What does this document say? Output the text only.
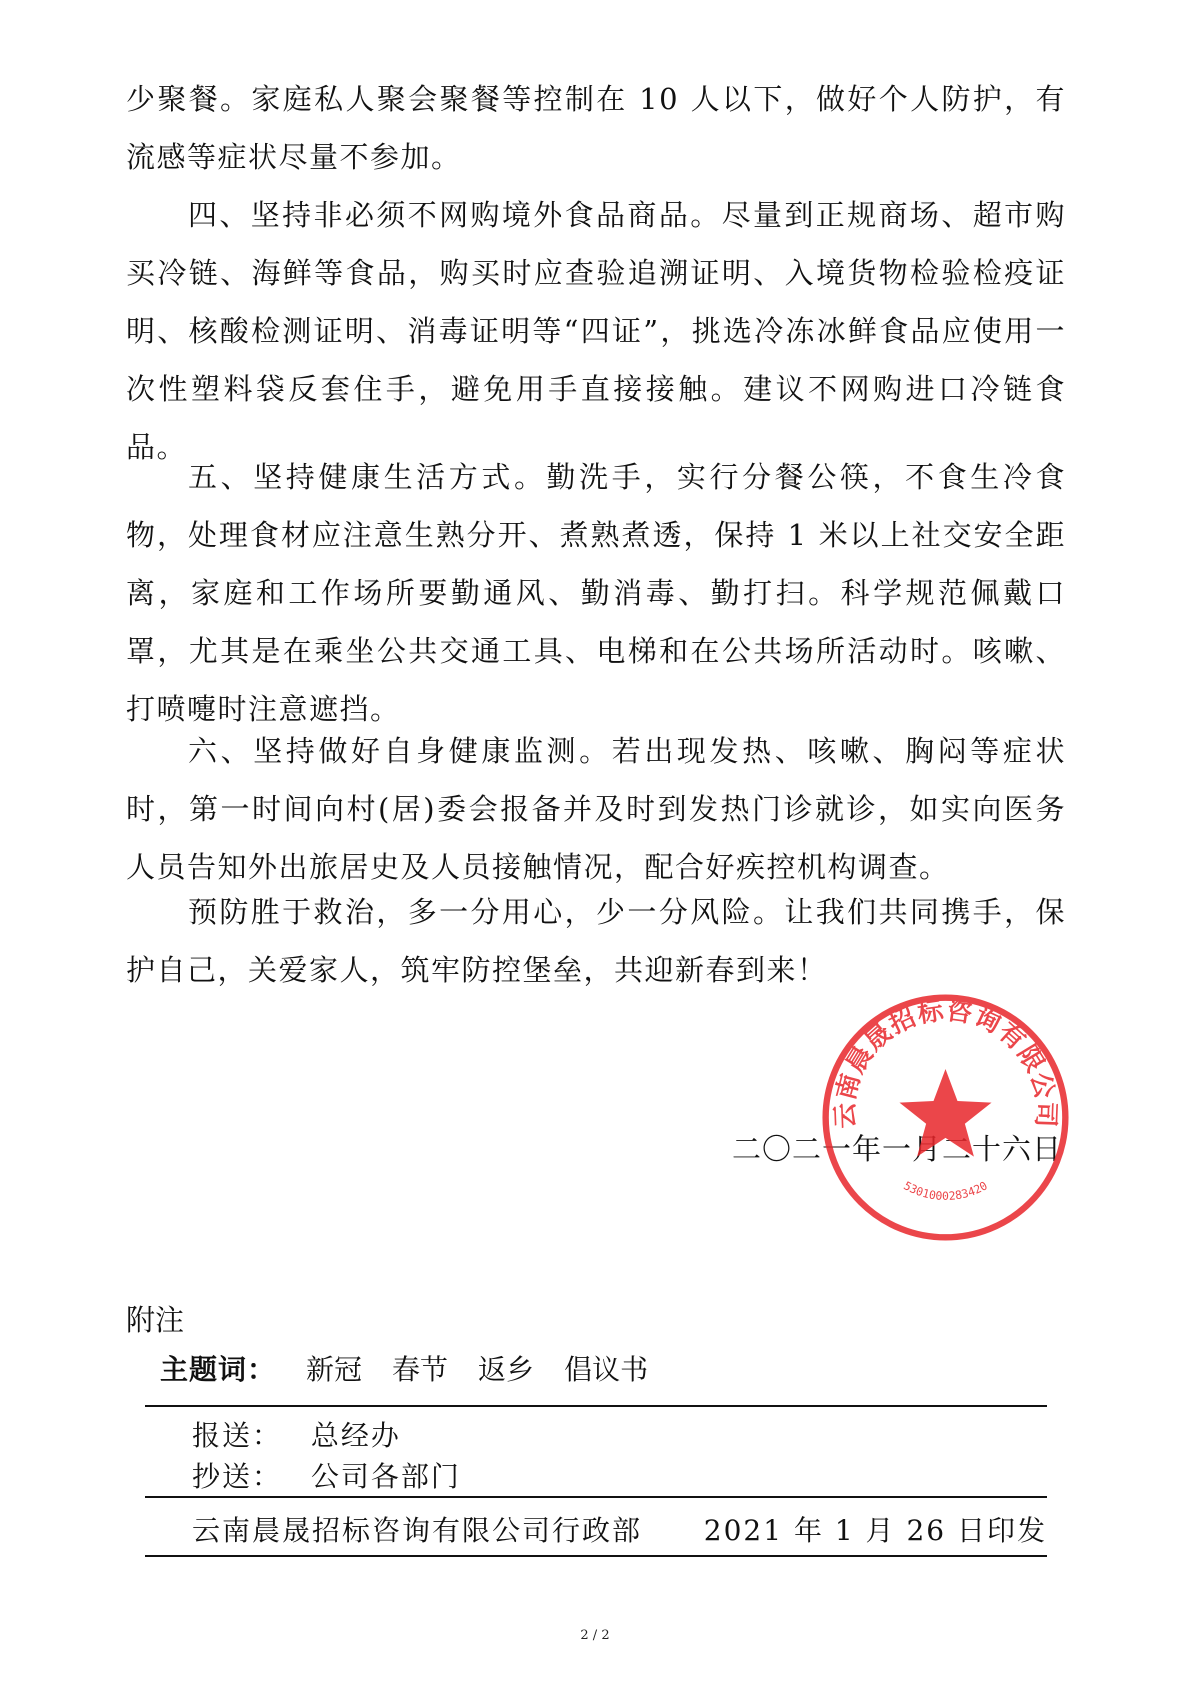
少聚餐。家庭私人聚会聚餐等控制在 10 人以下，做好个人防护，有流感等症状尽量不参加。

四、坚持非必须不网购境外食品商品。尽量到正规商场、超市购买冷链、海鲜等食品，购买时应查验追溯证明、入境货物检验检疫证明、核酸检测证明、消毒证明等“四证”，挑选冷冻冰鲜食品应使用一次性塑料袋反套住手，避免用手直接接触。建议不网购进口冷链食品。

五、坚持健康生活方式。勤洗手，实行分餐公筷，不食生冷食物，处理食材应注意生熟分开、煮熟煮透，保持 1 米以上社交安全距离，家庭和工作场所要勤通风、勤消毒、勤打扫。科学规范佩戴口罩，尤其是在乘坐公共交通工具、电梯和在公共场所活动时。咳嗽、打喷嚏时注意遮挡。

六、坚持做好自身健康监测。若出现发热、咳嗽、胸闷等症状时，第一时间向村(居)委会报备并及时到发热门诊就诊，如实向医务人员告知外出旅居史及人员接触情况，配合好疾控机构调查。

预防胜于救治，多一分用心，少一分风险。让我们共同携手，保护自己，关爱家人，筑牢防控堡垒，共迎新春到来！

二〇二一年一月二十六日
云南晨晟招标咨询有限公司
5301000283420
附注
主题词： 新冠 春节 返乡 倡议书
报送： 总经办
抄送： 公司各部门
云南晨晟招标咨询有限公司行政部 2021 年 1 月 26 日印发
2 / 2
